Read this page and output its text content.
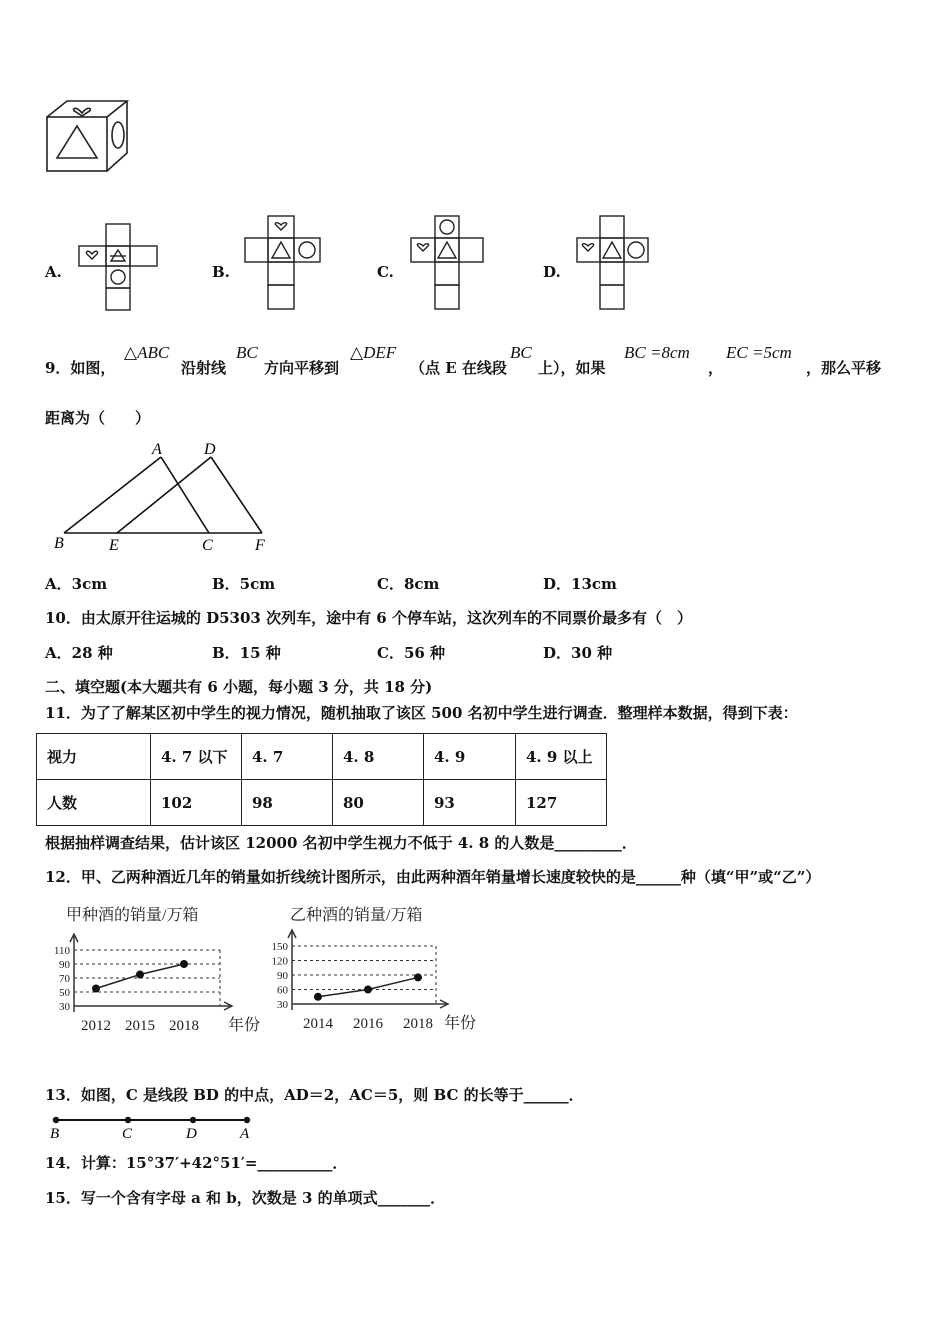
A.	B.	C.	D.
9．如图，
△ABC
沿射线
BC
方向平移到
△DEF
（点 E 在线段
BC
上），如果
BC =8cm
，
EC =5cm
，那么平移
距离为（　　）
A	D
B	E	C	F
A．3cm	B．5cm	C．8cm	D．13cm
10．由太原开往运城的 D5303 次列车，途中有 6 个停车站，这次列车的不同票价最多有（　）
A．28 种	B．15 种	C．56 种	D．30 种
二、填空题(本大题共有 6 小题，每小题 3 分，共 18 分)
11．为了了解某区初中学生的视力情况，随机抽取了该区 500 名初中学生进行调查．整理样本数据，得到下表：
视力	4. 7 以下	4. 7	4. 8	4. 9	4. 9 以上
人数	102	98	80	93	127
根据抽样调查结果，估计该区 12000 名初中学生视力不低于 4. 8 的人数是_________．
12．甲、乙两种酒近几年的销量如折线统计图所示，由此两种酒年销量增长速度较快的是______种（填“甲”或“乙”）
甲种酒的销量/万箱
30
50
70
90
110
2012 2015 2018 年份
乙种酒的销量/万箱
30
60
90
120
150
2014 2016 2018 年份
13．如图，C 是线段 BD 的中点，AD＝2，AC＝5，则 BC 的长等于______．
B	C	D	A
14．计算：15°37′+42°51′=__________．
15．写一个含有字母 a 和 b，次数是 3 的单项式_______．
